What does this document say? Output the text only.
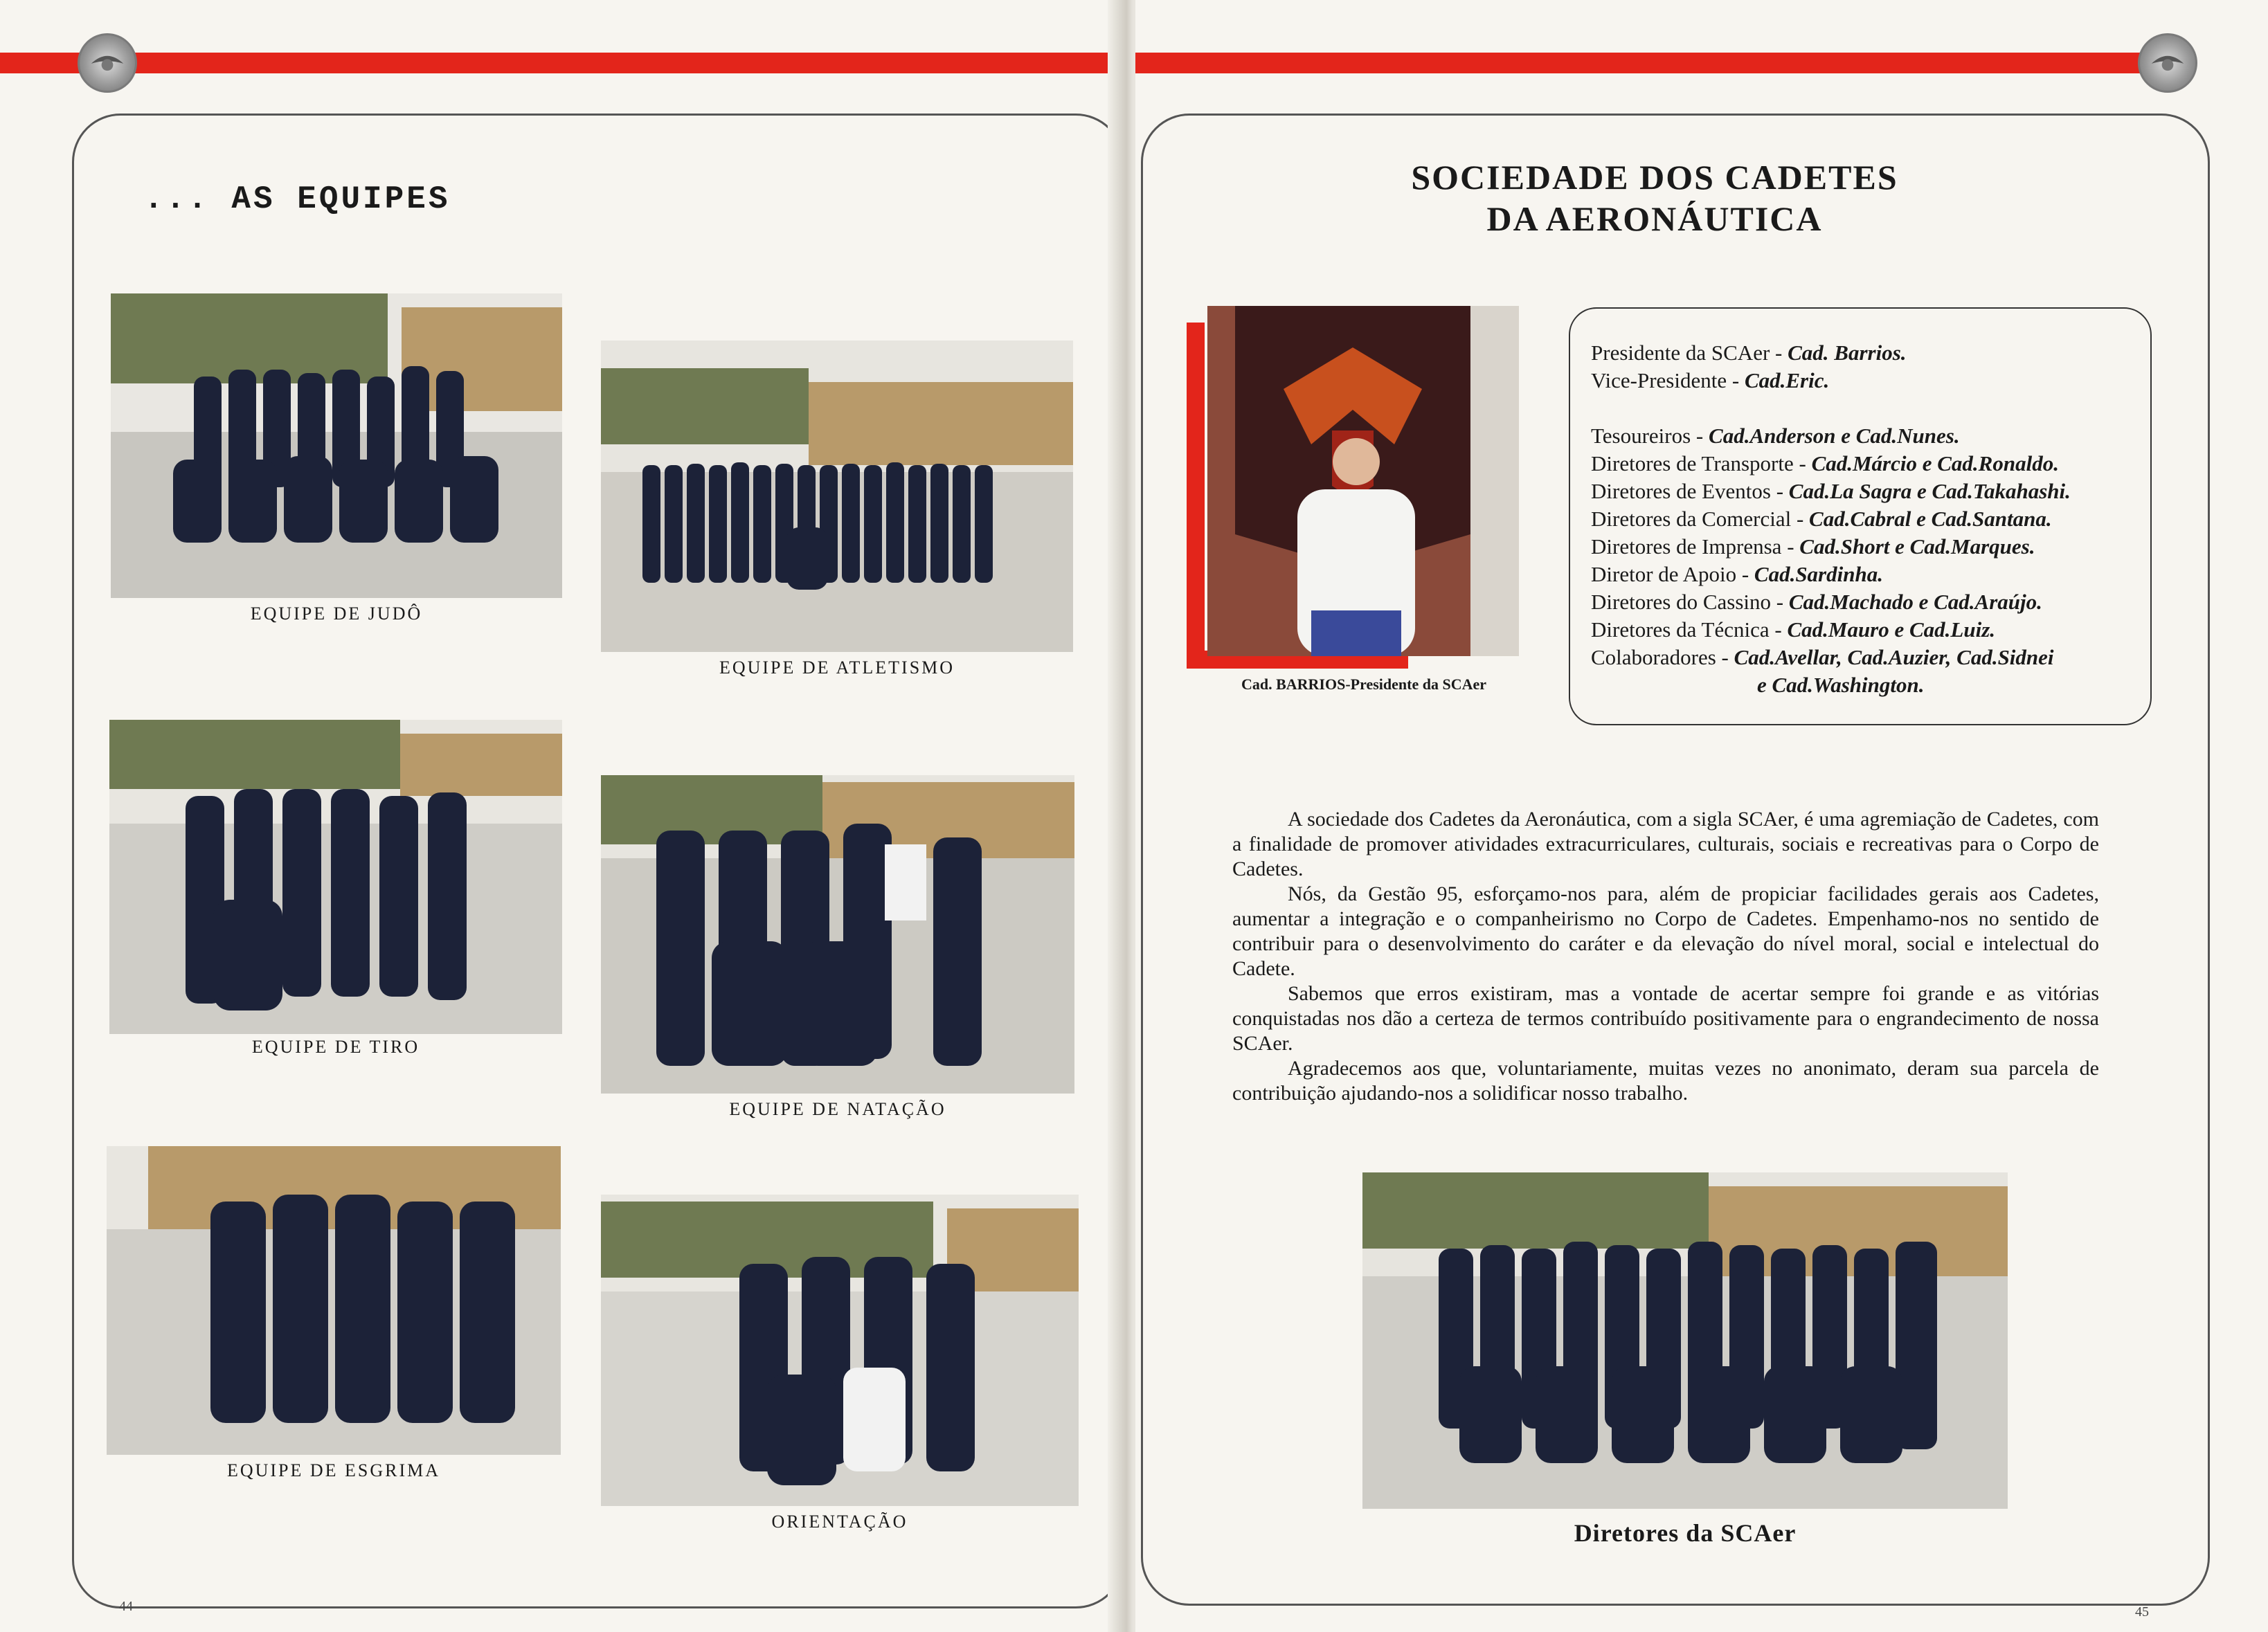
... AS EQUIPES
EQUIPE DE JUDÔ
EQUIPE DE ATLETISMO
EQUIPE DE TIRO
EQUIPE DE NATAÇÃO
EQUIPE DE ESGRIMA
ORIENTAÇÃO
44
SOCIEDADE DOS CADETES
DA AERONÁUTICA
Cad. BARRIOS-Presidente da SCAer
Presidente da SCAer - Cad. Barrios.
Vice-Presidente - Cad.Eric.
Tesoureiros - Cad.Anderson e Cad.Nunes.
Diretores de Transporte - Cad.Márcio e Cad.Ronaldo.
Diretores de Eventos - Cad.La Sagra e Cad.Takahashi.
Diretores da Comercial - Cad.Cabral e Cad.Santana.
Diretores de Imprensa - Cad.Short e Cad.Marques.
Diretor de Apoio - Cad.Sardinha.
Diretores do Cassino - Cad.Machado e Cad.Araújo.
Diretores da Técnica - Cad.Mauro e Cad.Luiz.
Colaboradores - Cad.Avellar, Cad.Auzier, Cad.Sidnei
e Cad.Washington.

A sociedade dos Cadetes da Aeronáutica, com a sigla SCAer, é uma agremiação de Cadetes, com a finalidade de promover atividades extracurriculares, culturais, sociais e recreativas para o Corpo de Cadetes.

Nós, da Gestão 95, esforçamo-nos para, além de propiciar facilidades gerais aos Cadetes, aumentar a integração e o companheirismo no Corpo de Cadetes. Empenhamo-nos no sentido de contribuir para o desenvolvimento do caráter e da elevação do nível moral, social e intelectual do Cadete.

Sabemos que erros existiram, mas a vontade de acertar sempre foi grande e as vitórias conquistadas nos dão a certeza de termos contribuído positivamente para o engrandecimento de nossa SCAer.

Agradecemos aos que, voluntariamente, muitas vezes no anonimato, deram sua parcela de contribuição ajudando-nos a solidificar nosso trabalho.

Diretores da SCAer
45
